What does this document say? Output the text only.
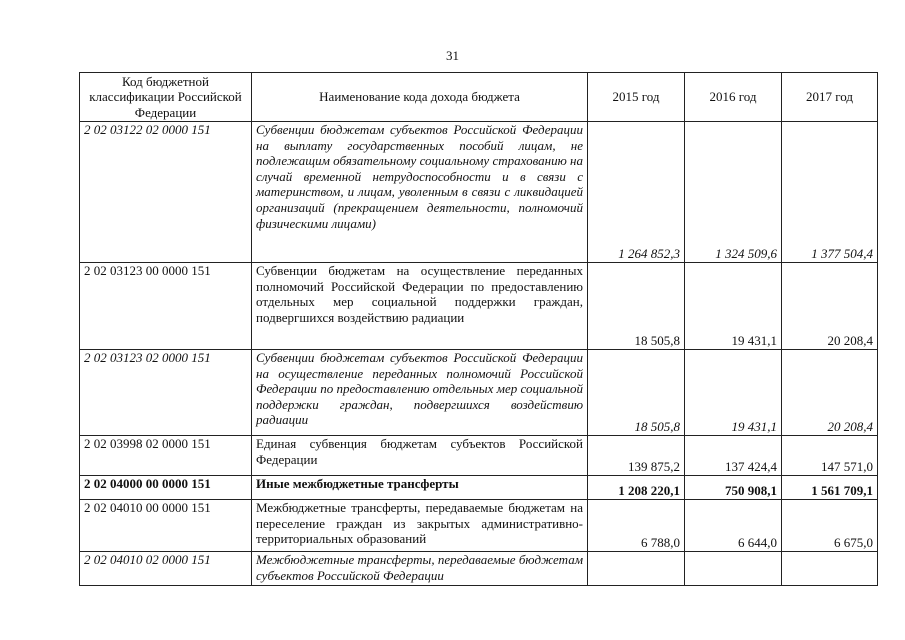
31
Код бюджетной классификации Российской Федерации	Наименование кода дохода бюджета	2015 год	2016 год	2017 год
2 02 03122 02 0000 151	Субвенции бюджетам субъектов Российской Федерации на выплату государственных пособий лицам, не подлежащим обязательному социальному страхованию на случай временной нетрудоспособности и в связи с материнством, и лицам, уволенным в связи с ликвидацией организаций (прекращением деятельности, полномочий физическими лицами)	1 264 852,3	1 324 509,6	1 377 504,4
2 02 03123 00 0000 151	Субвенции бюджетам на осуществление переданных полномочий Российской Федерации по предоставлению отдельных мер социальной поддержки граждан, подвергшихся воздействию радиации	18 505,8	19 431,1	20 208,4
2 02 03123 02 0000 151	Субвенции бюджетам субъектов Российской Федерации на осуществление переданных полномочий Российской Федерации по предоставлению отдельных мер социальной поддержки граждан, подвергшихся воздействию радиации	18 505,8	19 431,1	20 208,4
2 02 03998 02 0000 151	Единая субвенция бюджетам субъектов Российской Федерации	139 875,2	137 424,4	147 571,0
2 02 04000 00 0000 151	Иные межбюджетные трансферты	1 208 220,1	750 908,1	1 561 709,1
2 02 04010 00 0000 151	Межбюджетные трансферты, передаваемые бюджетам на переселение граждан из закрытых административно-территориальных образований	6 788,0	6 644,0	6 675,0
2 02 04010 02 0000 151	Межбюджетные трансферты, передаваемые бюджетам субъектов Российской Федерации			
